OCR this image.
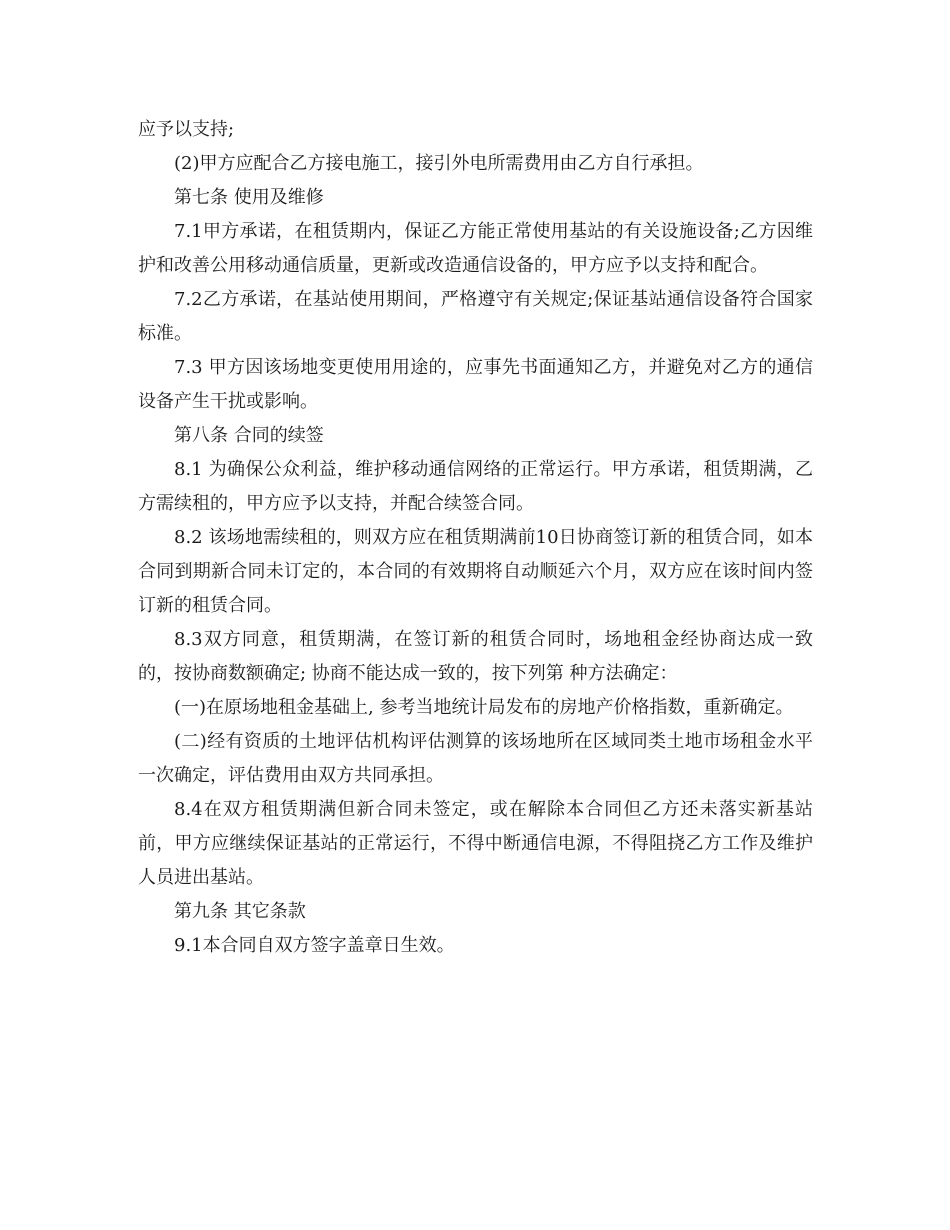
应予以支持;

(2)甲方应配合乙方接电施工，接引外电所需费用由乙方自行承担。

第七条 使用及维修

7.1甲方承诺，在租赁期内，保证乙方能正常使用基站的有关设施设备;乙方因维护和改善公用移动通信质量，更新或改造通信设备的，甲方应予以支持和配合。

7.2乙方承诺，在基站使用期间，严格遵守有关规定;保证基站通信设备符合国家标准。

7.3 甲方因该场地变更使用用途的，应事先书面通知乙方，并避免对乙方的通信设备产生干扰或影响。

第八条 合同的续签

8.1 为确保公众利益，维护移动通信网络的正常运行。甲方承诺，租赁期满，乙方需续租的，甲方应予以支持，并配合续签合同。

8.2 该场地需续租的，则双方应在租赁期满前10日协商签订新的租赁合同，如本合同到期新合同未订定的，本合同的有效期将自动顺延六个月，双方应在该时间内签订新的租赁合同。

8.3双方同意，租赁期满，在签订新的租赁合同时，场地租金经协商达成一致的，按协商数额确定; 协商不能达成一致的，按下列第 种方法确定：

(一)在原场地租金基础上, 参考当地统计局发布的房地产价格指数，重新确定。

(二)经有资质的土地评估机构评估测算的该场地所在区域同类土地市场租金水平一次确定，评估费用由双方共同承担。

8.4在双方租赁期满但新合同未签定，或在解除本合同但乙方还未落实新基站前，甲方应继续保证基站的正常运行，不得中断通信电源，不得阻挠乙方工作及维护人员进出基站。

第九条 其它条款

9.1本合同自双方签字盖章日生效。
